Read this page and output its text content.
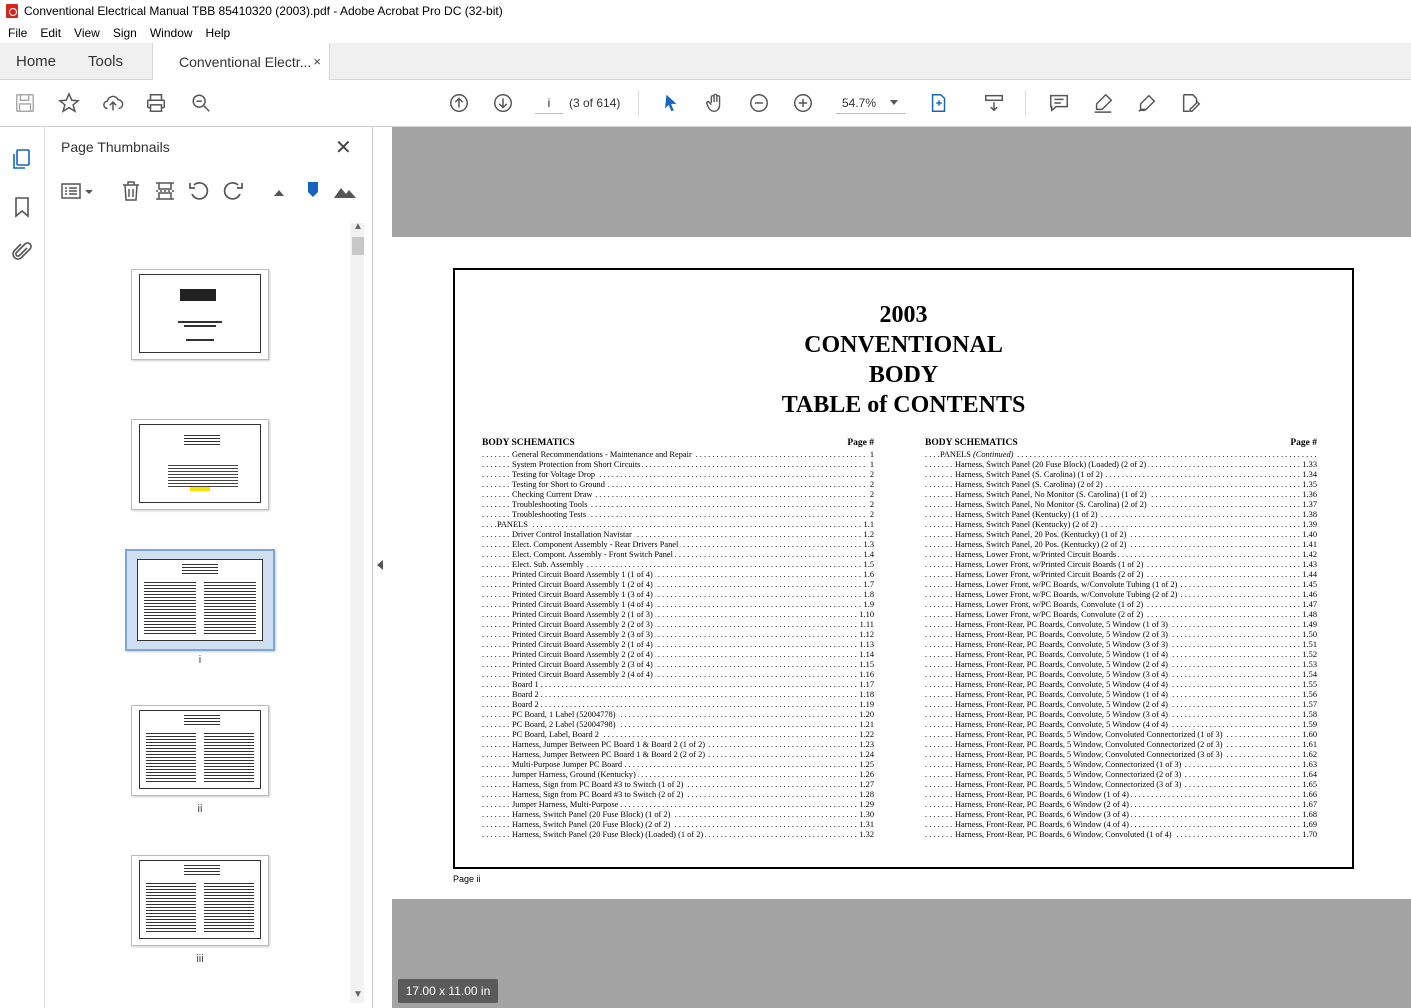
Conventional Electrical Manual TBB 85410320 (2003).pdf - Adobe Acrobat Pro DC (32-bit)
File Edit View Sign Window Help
Home Tools	Conventional Electr... ×
i
(3 of 614)	54.7%
Page Thumbnails	✕
▲
▼
i
ii
iii
2003
CONVENTIONAL
BODY
TABLE of CONTENTS
BODY SCHEMATICS	Page #
. . . General Recommendations - Maintenance and Repair	1
. . . System Protection from Short Circuits	1
. . . Testing for Voltage Drop	2
. . . Testing for Short to Ground	2
. . . Checking Current Draw	2
. . . Troubleshooting Tools	2
. . . Troubleshooting Tests	2
. . . PANELS	1.1
. . . Driver Control Installation Navistar	1.2
. . . Elect. Component Assembly - Rear Drivers Panel	1.3
. . . Elect. Compont. Assembly - Front Switch Panel	1.4
. . . Elect. Sub. Assembly	1.5
. . . Printed Circuit Board Assembly 1 (1 of 4)	1.6
. . . Printed Circuit Board Assembly 1 (2 of 4)	1.7
. . . Printed Circuit Board Assembly 1 (3 of 4)	1.8
. . . Printed Circuit Board Assembly 1 (4 of 4)	1.9
. . . Printed Circuit Board Assembly 2 (1 of 3)	1.10
. . . Printed Circuit Board Assembly 2 (2 of 3)	1.11
. . . Printed Circuit Board Assembly 2 (3 of 3)	1.12
. . . Printed Circuit Board Assembly 2 (1 of 4)	1.13
. . . Printed Circuit Board Assembly 2 (2 of 4)	1.14
. . . Printed Circuit Board Assembly 2 (3 of 4)	1.15
. . . Printed Circuit Board Assembly 2 (4 of 4)	1.16
. . . Board 1	1.17
. . . Board 2	1.18
. . . Board 2	1.19
. . . PC Board, 1 Label (52004778)	1.20
. . . PC Board, 2 Label (52004798)	1.21
. . . PC Board, Label, Board 2	1.22
. . . Harness, Jumper Between PC Board 1 & Board 2 (1 of 2)	1.23
. . . Harness, Jumper Between PC Board 1 & Board 2 (2 of 2)	1.24
. . . Multi-Purpose Jumper PC Board	1.25
. . . Jumper Harness, Ground (Kentucky)	1.26
. . . Harness, Sign from PC Board #3 to Switch (1 of 2)	1.27
. . . Harness, Sign from PC Board #3 to Switch (2 of 2)	1.28
. . . Jumper Harness, Multi-Purpose	1.29
. . . Harness, Switch Panel (20 Fuse Block) (1 of 2)	1.30
. . . Harness, Switch Panel (20 Fuse Block) (2 of 2)	1.31
. . . Harness, Switch Panel (20 Fuse Block) (Loaded) (1 of 2)	1.32
BODY SCHEMATICS	Page #
. . . PANELS (Continued)
. . . Harness, Switch Panel (20 Fuse Block) (Loaded) (2 of 2)	1.33
. . . Harness, Switch Panel (S. Carolina) (1 of 2)	1.34
. . . Harness, Switch Panel (S. Carolina) (2 of 2)	1.35
. . . Harness, Switch Panel, No Monitor (S. Carolina) (1 of 2)	1.36
. . . Harness, Switch Panel, No Monitor (S. Carolina) (2 of 2)	1.37
. . . Harness, Switch Panel (Kentucky) (1 of 2)	1.38
. . . Harness, Switch Panel (Kentucky) (2 of 2)	1.39
. . . Harness, Switch Panel, 20 Pos. (Kentucky) (1 of 2)	1.40
. . . Harness, Switch Panel, 20 Pos. (Kentucky) (2 of 2)	1.41
. . . Harness, Lower Front, w/Printed Circuit Boards	1.42
. . . Harness, Lower Front, w/Printed Circuit Boards (1 of 2)	1.43
. . . Harness, Lower Front, w/Printed Circuit Boards (2 of 2)	1.44
. . . Harness, Lower Front, w/PC Boards, w/Convolute Tubing (1 of 2)	1.45
. . . Harness, Lower Front, w/PC Boards, w/Convolute Tubing (2 of 2)	1.46
. . . Harness, Lower Front, w/PC Boards, Convolute (1 of 2)	1.47
. . . Harness, Lower Front, w/PC Boards, Convolute (2 of 2)	1.48
. . . Harness, Front-Rear, PC Boards, Convolute, 5 Window (1 of 3)	1.49
. . . Harness, Front-Rear, PC Boards, Convolute, 5 Window (2 of 3)	1.50
. . . Harness, Front-Rear, PC Boards, Convolute, 5 Window (3 of 3)	1.51
. . . Harness, Front-Rear, PC Boards, Convolute, 5 Window (1 of 4)	1.52
. . . Harness, Front-Rear, PC Boards, Convolute, 5 Window (2 of 4)	1.53
. . . Harness, Front-Rear, PC Boards, Convolute, 5 Window (3 of 4)	1.54
. . . Harness, Front-Rear, PC Boards, Convolute, 5 Window (4 of 4)	1.55
. . . Harness, Front-Rear, PC Boards, Convolute, 5 Window (1 of 4)	1.56
. . . Harness, Front-Rear, PC Boards, Convolute, 5 Window (2 of 4)	1.57
. . . Harness, Front-Rear, PC Boards, Convolute, 5 Window (3 of 4)	1.58
. . . Harness, Front-Rear, PC Boards, Convolute, 5 Window (4 of 4)	1.59
. . . Harness, Front-Rear, PC Boards, 5 Window, Convoluted Connectorized (1 of 3)	1.60
. . . Harness, Front-Rear, PC Boards, 5 Window, Convoluted Connectorized (2 of 3)	1.61
. . . Harness, Front-Rear, PC Boards, 5 Window, Convoluted Connectorized (3 of 3)	1.62
. . . Harness, Front-Rear, PC Boards, 5 Window, Connectorized (1 of 3)	1.63
. . . Harness, Front-Rear, PC Boards, 5 Window, Connectorized (2 of 3)	1.64
. . . Harness, Front-Rear, PC Boards, 5 Window, Connectorized (3 of 3)	1.65
. . . Harness, Front-Rear, PC Boards, 6 Window (1 of 4)	1.66
. . . Harness, Front-Rear, PC Boards, 6 Window (2 of 4)	1.67
. . . Harness, Front-Rear, PC Boards, 6 Window (3 of 4)	1.68
. . . Harness, Front-Rear, PC Boards, 6 Window (4 of 4)	1.69
. . . Harness, Front-Rear, PC Boards, 6 Window, Convoluted (1 of 4)	1.70
Page ii
17.00 x 11.00 in
